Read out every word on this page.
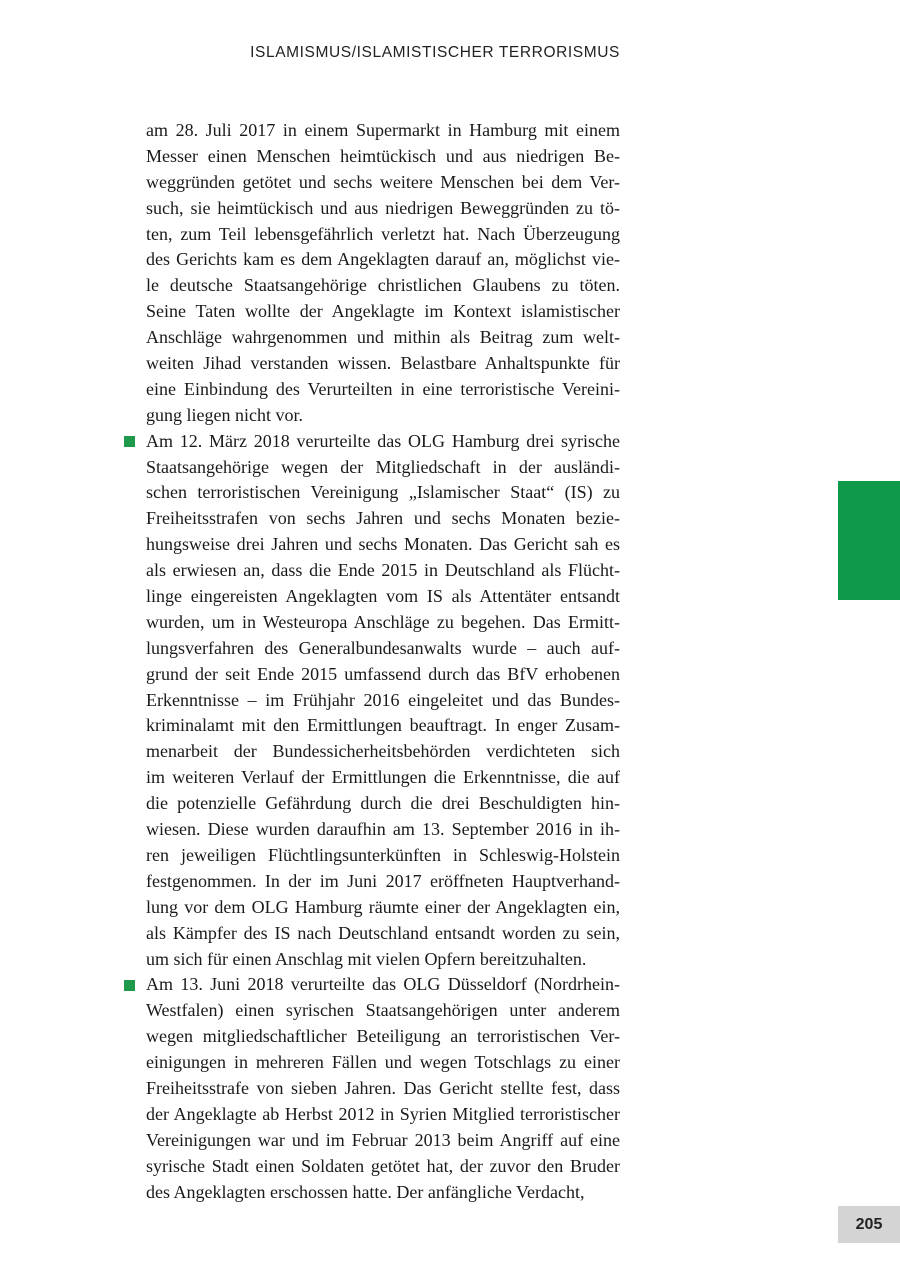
ISLAMISMUS/ISLAMISTISCHER TERRORISMUS
am 28. Juli 2017 in einem Supermarkt in Hamburg mit einem
Messer einen Menschen heimtückisch und aus niedrigen Be-
weggründen getötet und sechs weitere Menschen bei dem Ver-
such, sie heimtückisch und aus niedrigen Beweggründen zu tö-
ten, zum Teil lebensgefährlich verletzt hat. Nach Überzeugung
des Gerichts kam es dem Angeklagten darauf an, möglichst vie-
le deutsche Staatsangehörige christlichen Glaubens zu töten.
Seine Taten wollte der Angeklagte im Kontext islamistischer
Anschläge wahrgenommen und mithin als Beitrag zum welt-
weiten Jihad verstanden wissen. Belastbare Anhaltspunkte für
eine Einbindung des Verurteilten in eine terroristische Vereini-
gung liegen nicht vor.
Am 12. März 2018 verurteilte das OLG Hamburg drei syrische
Staatsangehörige wegen der Mitgliedschaft in der ausländi-
schen terroristischen Vereinigung „Islamischer Staat“ (IS) zu
Freiheitsstrafen von sechs Jahren und sechs Monaten bezie-
hungsweise drei Jahren und sechs Monaten. Das Gericht sah es
als erwiesen an, dass die Ende 2015 in Deutschland als Flücht-
linge eingereisten Angeklagten vom IS als Attentäter entsandt
wurden, um in Westeuropa Anschläge zu begehen. Das Ermitt-
lungsverfahren des Generalbundesanwalts wurde – auch auf-
grund der seit Ende 2015 umfassend durch das BfV erhobenen
Erkenntnisse – im Frühjahr 2016 eingeleitet und das Bundes-
kriminalamt mit den Ermittlungen beauftragt. In enger Zusam-
menarbeit der Bundessicherheitsbehörden verdichteten sich
im weiteren Verlauf der Ermittlungen die Erkenntnisse, die auf
die potenzielle Gefährdung durch die drei Beschuldigten hin-
wiesen. Diese wurden daraufhin am 13. September 2016 in ih-
ren jeweiligen Flüchtlingsunterkünften in Schleswig-Holstein
festgenommen. In der im Juni 2017 eröffneten Hauptverhand-
lung vor dem OLG Hamburg räumte einer der Angeklagten ein,
als Kämpfer des IS nach Deutschland entsandt worden zu sein,
um sich für einen Anschlag mit vielen Opfern bereitzuhalten.
Am 13. Juni 2018 verurteilte das OLG Düsseldorf (Nordrhein-
Westfalen) einen syrischen Staatsangehörigen unter anderem
wegen mitgliedschaftlicher Beteiligung an terroristischen Ver-
einigungen in mehreren Fällen und wegen Totschlags zu einer
Freiheitsstrafe von sieben Jahren. Das Gericht stellte fest, dass
der Angeklagte ab Herbst 2012 in Syrien Mitglied terroristischer
Vereinigungen war und im Februar 2013 beim Angriff auf eine
syrische Stadt einen Soldaten getötet hat, der zuvor den Bruder
des Angeklagten erschossen hatte. Der anfängliche Verdacht,
205
